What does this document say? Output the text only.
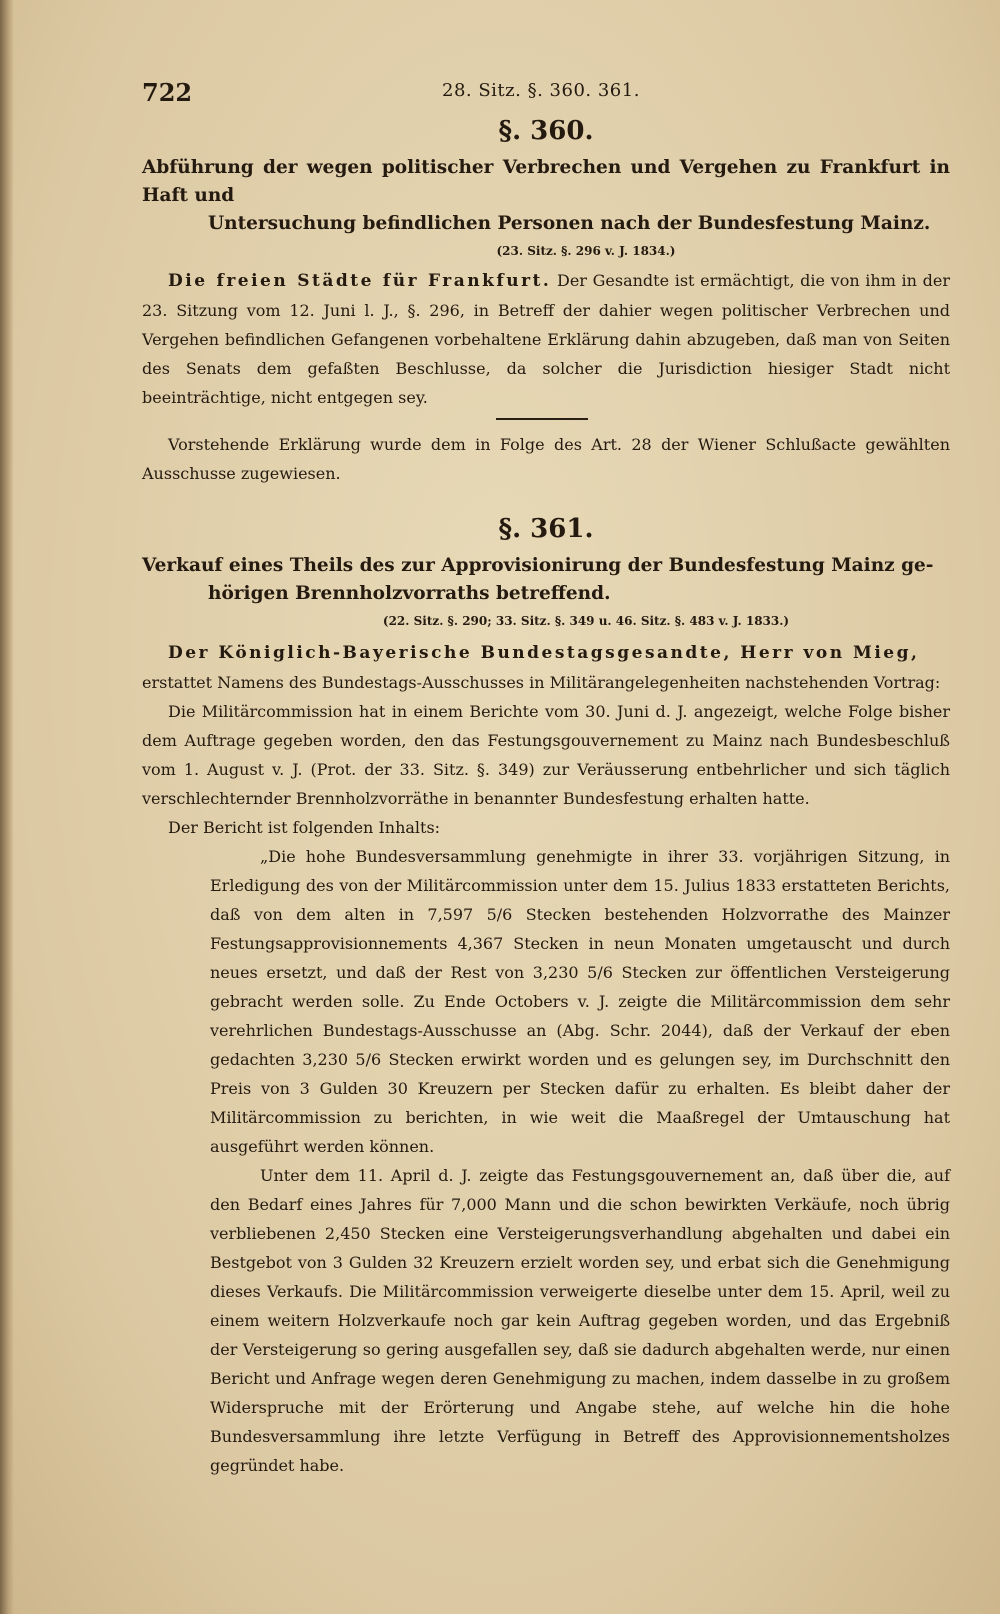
722	28. Sitz. §. 360. 361.
§. 360.
Abführung der wegen politischer Verbrechen und Vergehen zu Frankfurt in Haft und
Untersuchung befindlichen Personen nach der Bundesfestung Mainz.
(23. Sitz. §. 296 v. J. 1834.)

Die freien Städte für Frankfurt. Der Gesandte ist ermächtigt, die von ihm in der 23. Sitzung vom 12. Juni l. J., §. 296, in Betreff der dahier wegen politischer Verbrechen und Vergehen befindlichen Gefangenen vorbehaltene Erklärung dahin abzugeben, daß man von Seiten des Senats dem gefaßten Beschlusse, da solcher die Jurisdiction hiesiger Stadt nicht beeinträchtige, nicht entgegen sey.

Vorstehende Erklärung wurde dem in Folge des Art. 28 der Wiener Schlußacte gewählten Ausschusse zugewiesen.

§. 361.
Verkauf eines Theils des zur Approvisionirung der Bundesfestung Mainz ge-
hörigen Brennholzvorraths betreffend.
(22. Sitz. §. 290; 33. Sitz. §. 349 u. 46. Sitz. §. 483 v. J. 1833.)

Der Königlich-Bayerische Bundestagsgesandte, Herr von Mieg,

erstattet Namens des Bundestags-Ausschusses in Militärangelegenheiten nachstehenden Vortrag:

Die Militärcommission hat in einem Berichte vom 30. Juni d. J. angezeigt, welche Folge bisher dem Auftrage gegeben worden, den das Festungsgouvernement zu Mainz nach Bundesbeschluß vom 1. August v. J. (Prot. der 33. Sitz. §. 349) zur Veräusserung entbehrlicher und sich täglich verschlechternder Brennholzvorräthe in benannter Bundesfestung erhalten hatte.

Der Bericht ist folgenden Inhalts:

„Die hohe Bundesversammlung genehmigte in ihrer 33. vorjährigen Sitzung, in Erledigung des von der Militärcommission unter dem 15. Julius 1833 erstatteten Berichts, daß von dem alten in 7,597 5/6 Stecken bestehenden Holzvorrathe des Mainzer Festungsapprovisionnements 4,367 Stecken in neun Monaten umgetauscht und durch neues ersetzt, und daß der Rest von 3,230 5/6 Stecken zur öffentlichen Versteigerung gebracht werden solle. Zu Ende Octobers v. J. zeigte die Militärcommission dem sehr verehrlichen Bundestags-Ausschusse an (Abg. Schr. 2044), daß der Verkauf der eben gedachten 3,230 5/6 Stecken erwirkt worden und es gelungen sey, im Durchschnitt den Preis von 3 Gulden 30 Kreuzern per Stecken dafür zu erhalten. Es bleibt daher der Militärcommission zu berichten, in wie weit die Maaßregel der Umtauschung hat ausgeführt werden können.

Unter dem 11. April d. J. zeigte das Festungsgouvernement an, daß über die, auf den Bedarf eines Jahres für 7,000 Mann und die schon bewirkten Verkäufe, noch übrig verbliebenen 2,450 Stecken eine Versteigerungsverhandlung abgehalten und dabei ein Bestgebot von 3 Gulden 32 Kreuzern erzielt worden sey, und erbat sich die Genehmigung dieses Verkaufs. Die Militärcommission verweigerte dieselbe unter dem 15. April, weil zu einem weitern Holzverkaufe noch gar kein Auftrag gegeben worden, und das Ergebniß der Versteigerung so gering ausgefallen sey, daß sie dadurch abgehalten werde, nur einen Bericht und Anfrage wegen deren Genehmigung zu machen, indem dasselbe in zu großem Widerspruche mit der Erörterung und Angabe stehe, auf welche hin die hohe Bundesversammlung ihre letzte Verfügung in Betreff des Approvisionnementsholzes gegründet habe.
